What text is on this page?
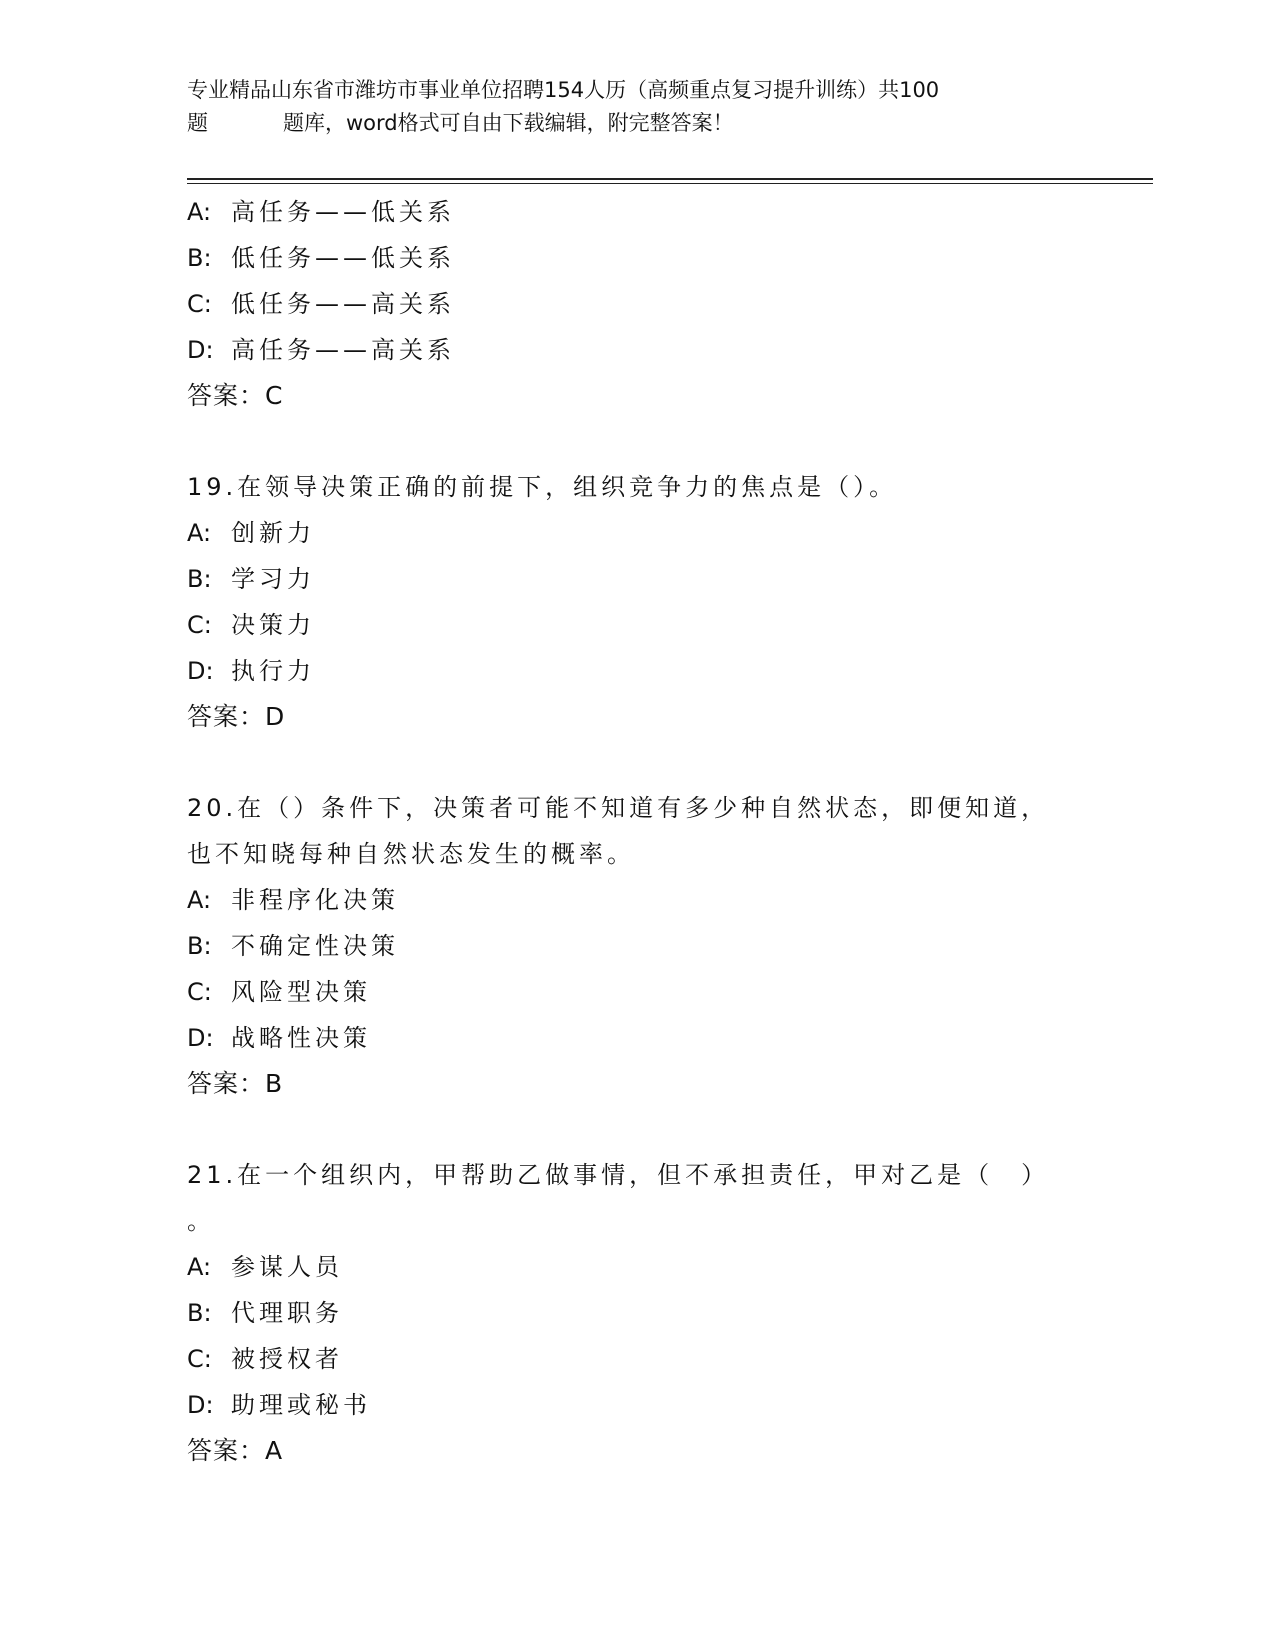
专业精品山东省市潍坊市事业单位招聘154人历（高频重点复习提升训练）共100
题	题库，word格式可自由下载编辑，附完整答案！
A: 高任务——低关系
B: 低任务——低关系
C: 低任务——高关系
D: 高任务——高关系
答案：C
19.在领导决策正确的前提下，组织竞争力的焦点是（）。
A: 创新力
B: 学习力
C: 决策力
D: 执行力
答案：D
20.在（）条件下，决策者可能不知道有多少种自然状态，即便知道，
也不知晓每种自然状态发生的概率。
A: 非程序化决策
B: 不确定性决策
C: 风险型决策
D: 战略性决策
答案：B
21.在一个组织内，甲帮助乙做事情，但不承担责任，甲对乙是（　）
。
A: 参谋人员
B: 代理职务
C: 被授权者
D: 助理或秘书
答案：A
